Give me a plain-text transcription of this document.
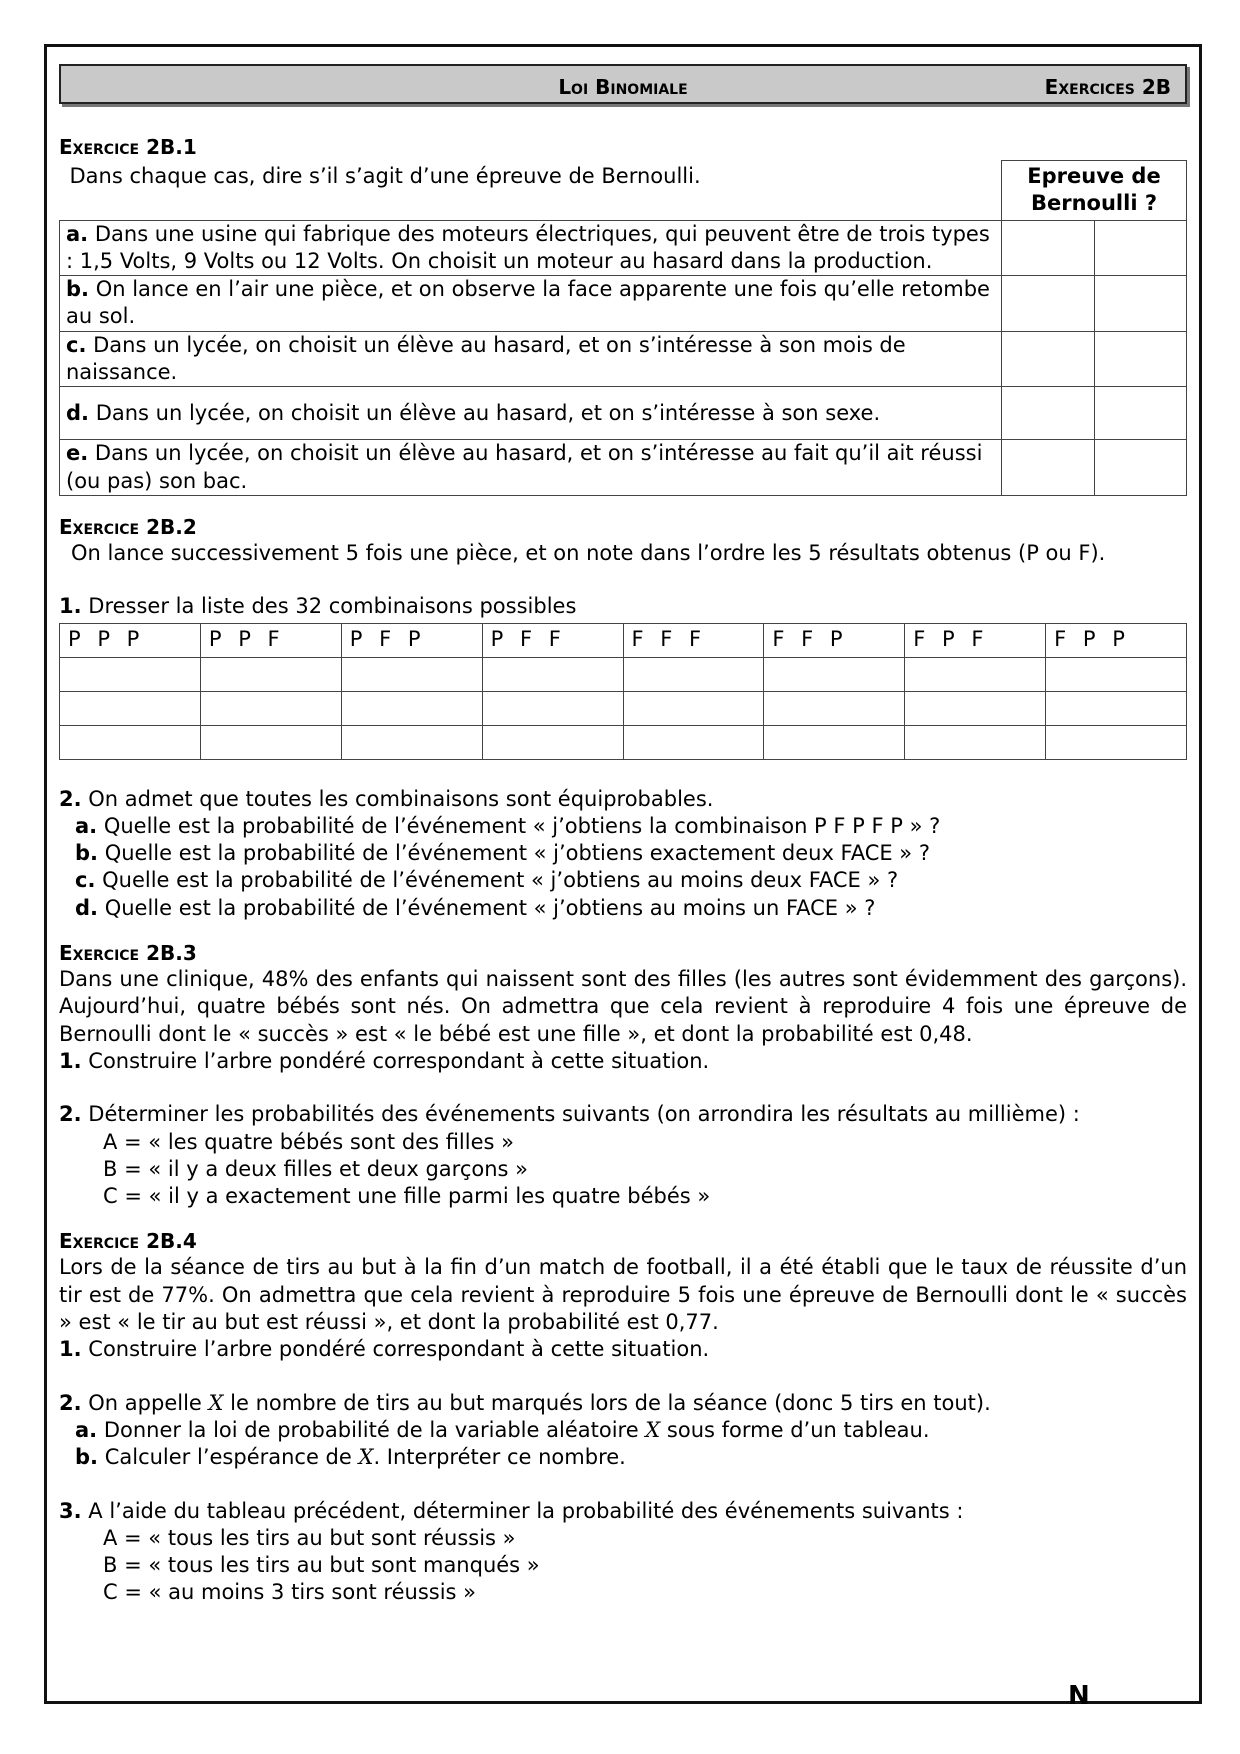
N
Loi Binomiale	Exercices 2B
Exercice 2B.1
Dans chaque cas, dire s’il s’agit d’une épreuve de Bernoulli.	Epreuve de Bernoulli ?	
a. Dans une usine qui fabrique des moteurs électriques, qui peuvent être de trois types : 1,5 Volts, 9 Volts ou 12 Volts. On choisit un moteur au hasard dans la production.		
b. On lance en l’air une pièce, et on observe la face apparente une fois qu’elle retombe au sol.		
c. Dans un lycée, on choisit un élève au hasard, et on s’intéresse à son mois de naissance.		
d. Dans un lycée, on choisit un élève au hasard, et on s’intéresse à son sexe.		
e. Dans un lycée, on choisit un élève au hasard, et on s’intéresse au fait qu’il ait réussi (ou pas) son bac.		
Exercice 2B.2

On lance successivement 5 fois une pièce, et on note dans l’ordre les 5 résultats obtenus (P ou F).

1. Dresser la liste des 32 combinaisons possibles

P P P	P P F	P F P	P F F	F F F	F F P	F P F	F P P

2. On admet que toutes les combinaisons sont équiprobables.

a. Quelle est la probabilité de l’événement « j’obtiens la combinaison P F P F P » ?

b. Quelle est la probabilité de l’événement « j’obtiens exactement deux FACE » ?

c. Quelle est la probabilité de l’événement « j’obtiens au moins deux FACE » ?

d. Quelle est la probabilité de l’événement « j’obtiens au moins un FACE » ?

Exercice 2B.3

Dans une clinique, 48% des enfants qui naissent sont des filles (les autres sont évidemment des garçons). Aujourd’hui, quatre bébés sont nés. On admettra que cela revient à reproduire 4 fois une épreuve de Bernoulli dont le « succès » est « le bébé est une fille », et dont la probabilité est 0,48.

1. Construire l’arbre pondéré correspondant à cette situation.

2. Déterminer les probabilités des événements suivants (on arrondira les résultats au millième) :

A = « les quatre bébés sont des filles »

B = « il y a deux filles et deux garçons »

C = « il y a exactement une fille parmi les quatre bébés »

Exercice 2B.4

Lors de la séance de tirs au but à la fin d’un match de football, il a été établi que le taux de réussite d’un tir est de 77%. On admettra que cela revient à reproduire 5 fois une épreuve de Bernoulli dont le « succès » est « le tir au but est réussi », et dont la probabilité est 0,77.

1. Construire l’arbre pondéré correspondant à cette situation.

2. On appelle X le nombre de tirs au but marqués lors de la séance (donc 5 tirs en tout).

a. Donner la loi de probabilité de la variable aléatoire X sous forme d’un tableau.

b. Calculer l’espérance de X. Interpréter ce nombre.

3. A l’aide du tableau précédent, déterminer la probabilité des événements suivants :

A = « tous les tirs au but sont réussis »

B = « tous les tirs au but sont manqués »

C = « au moins 3 tirs sont réussis »
